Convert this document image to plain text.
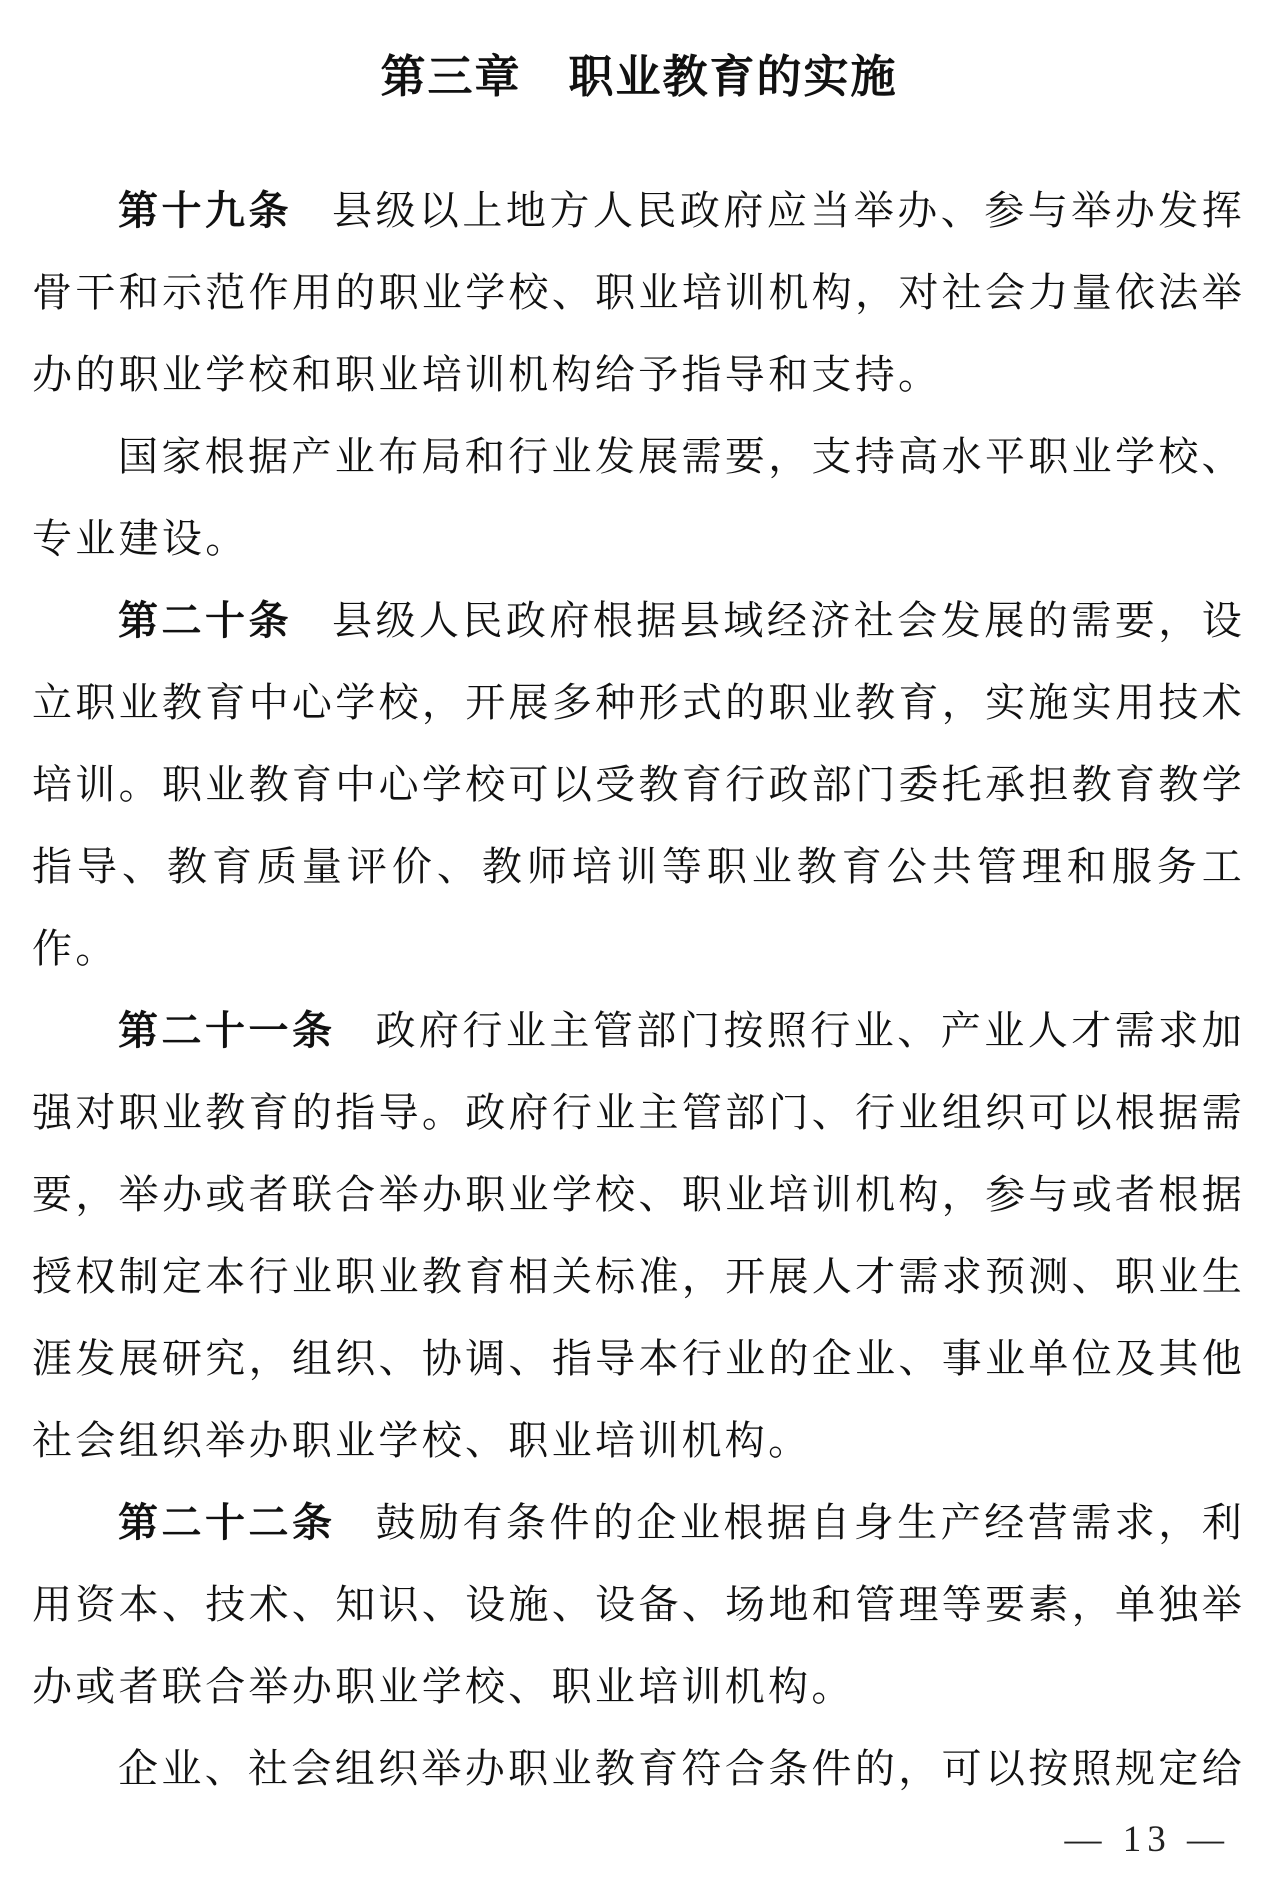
第三章　职业教育的实施

第十九条 县级以上地方人民政府应当举办、参与举办发挥骨干和示范作用的职业学校、职业培训机构，对社会力量依法举办的职业学校和职业培训机构给予指导和支持。

国家根据产业布局和行业发展需要，支持高水平职业学校、专业建设。

第二十条 县级人民政府根据县域经济社会发展的需要，设立职业教育中心学校，开展多种形式的职业教育，实施实用技术培训。职业教育中心学校可以受教育行政部门委托承担教育教学指导、教育质量评价、教师培训等职业教育公共管理和服务工作。

第二十一条 政府行业主管部门按照行业、产业人才需求加强对职业教育的指导。政府行业主管部门、行业组织可以根据需要，举办或者联合举办职业学校、职业培训机构，参与或者根据授权制定本行业职业教育相关标准，开展人才需求预测、职业生涯发展研究，组织、协调、指导本行业的企业、事业单位及其他社会组织举办职业学校、职业培训机构。

第二十二条 鼓励有条件的企业根据自身生产经营需求，利用资本、技术、知识、设施、设备、场地和管理等要素，单独举办或者联合举办职业学校、职业培训机构。

企业、社会组织举办职业教育符合条件的，可以按照规定给

— 13 —
